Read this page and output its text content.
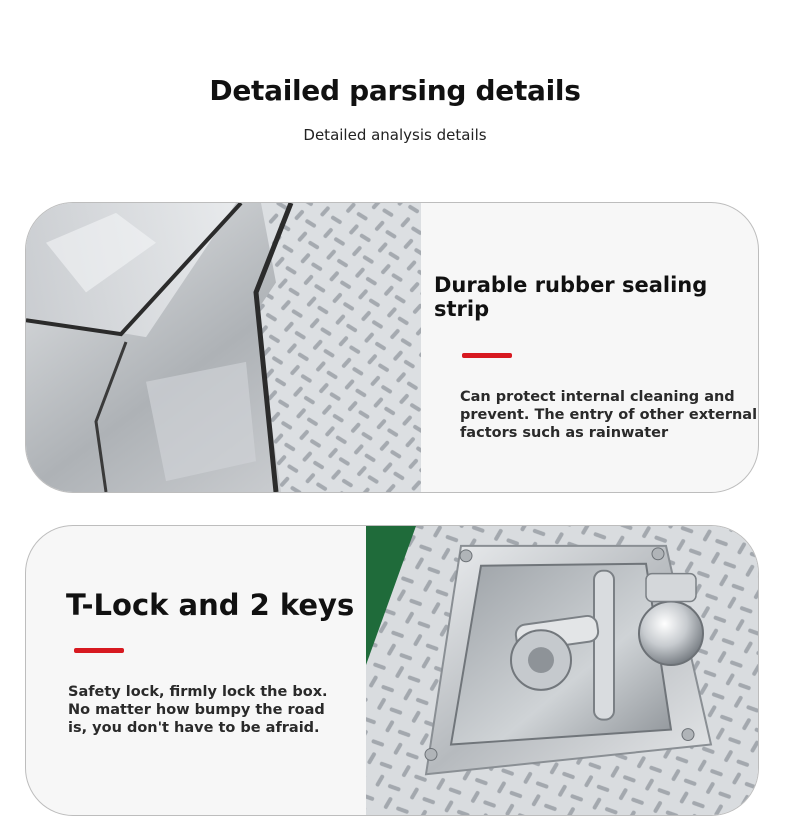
Detailed parsing details
Detailed analysis details
Durable rubber sealing strip
Can protect internal cleaning and
prevent. The entry of other external
factors such as rainwater
T-Lock and 2 keys
Safety lock, firmly lock the box.
No matter how bumpy the road
is, you don't have to be afraid.
